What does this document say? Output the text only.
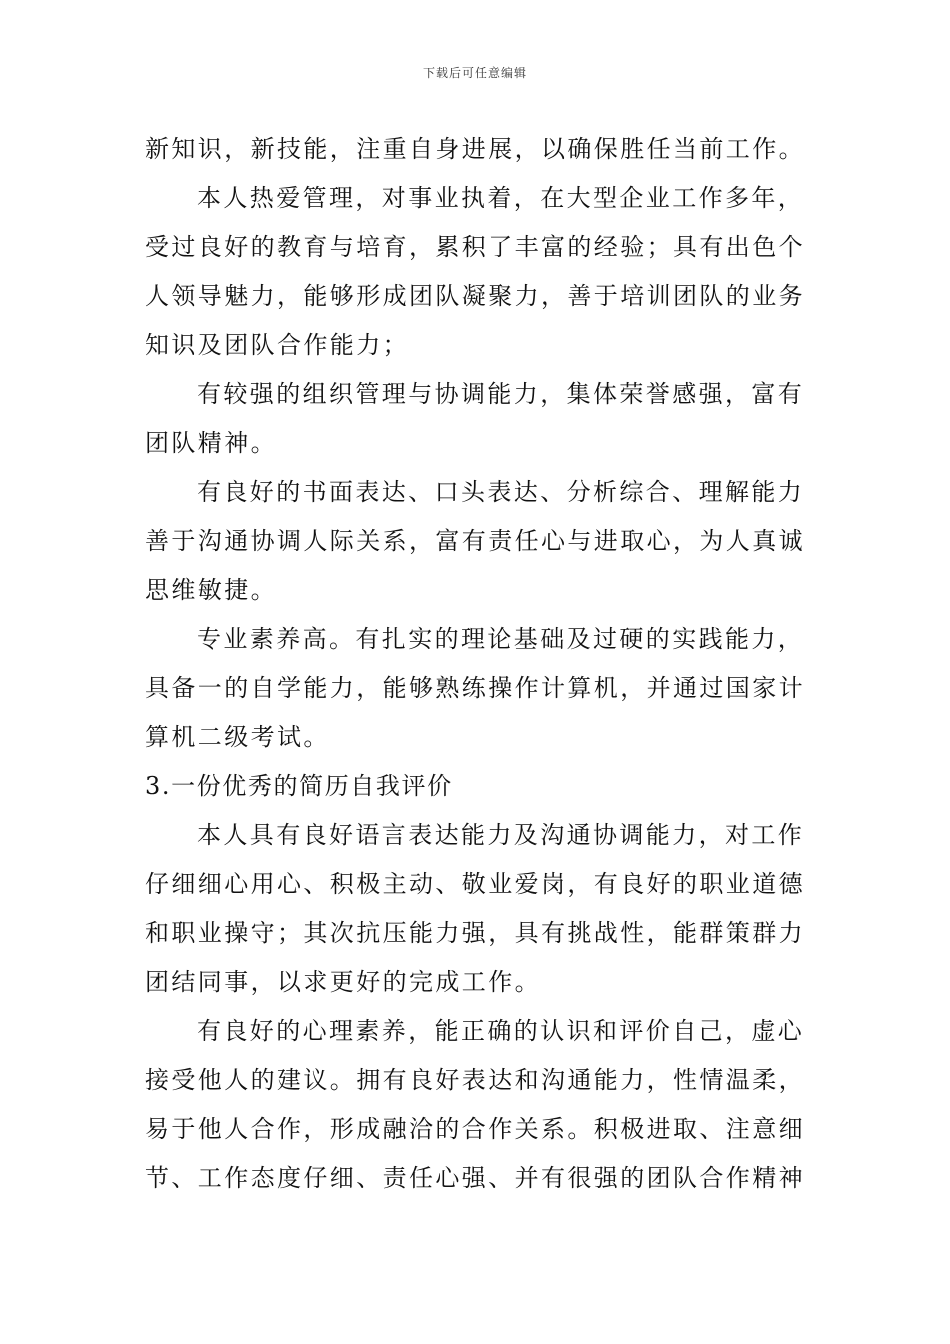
下载后可任意编辑

新知识，新技能，注重自身进展，以确保胜任当前工作。

本人热爱管理，对事业执着，在大型企业工作多年，受过良好的教育与培育，累积了丰富的经验；具有出色个人领导魅力，能够形成团队凝聚力，善于培训团队的业务知识及团队合作能力；

有较强的组织管理与协调能力，集体荣誉感强，富有团队精神。

有良好的书面表达、口头表达、分析综合、理解能力善于沟通协调人际关系，富有责任心与进取心，为人真诚思维敏捷。

专业素养高。有扎实的理论基础及过硬的实践能力，具备一的自学能力，能够熟练操作计算机，并通过国家计算机二级考试。

3.一份优秀的简历自我评价

本人具有良好语言表达能力及沟通协调能力，对工作仔细细心用心、积极主动、敬业爱岗，有良好的职业道德和职业操守；其次抗压能力强，具有挑战性，能群策群力团结同事，以求更好的完成工作。

有良好的心理素养，能正确的认识和评价自己，虚心接受他人的建议。拥有良好表达和沟通能力，性情温柔，易于他人合作，形成融洽的合作关系。积极进取、注意细节、工作态度仔细、责任心强、并有很强的团队合作精神
